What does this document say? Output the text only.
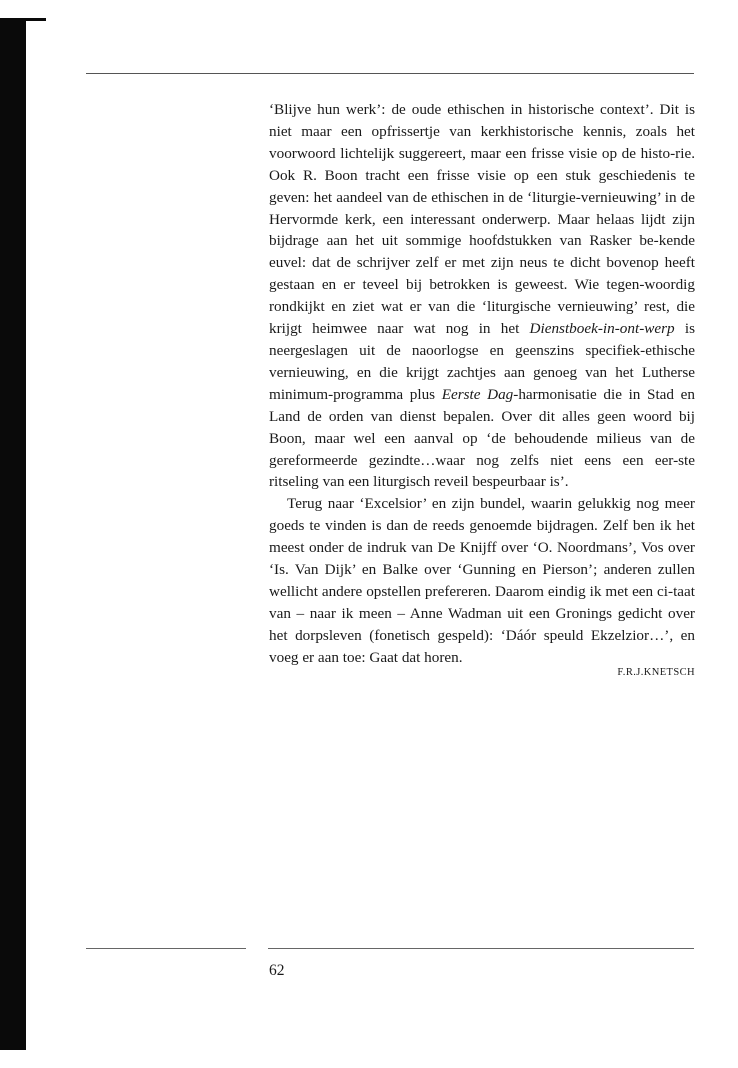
‘Blijve hun werk’: de oude ethischen in historische context’. Dit is niet maar een opfrissertje van kerkhistorische kennis, zoals het voorwoord lichtelijk suggereert, maar een frisse visie op de histo-rie. Ook R. Boon tracht een frisse visie op een stuk geschiedenis te geven: het aandeel van de ethischen in de ‘liturgie-vernieuwing’ in de Hervormde kerk, een interessant onderwerp. Maar helaas lijdt zijn bijdrage aan het uit sommige hoofdstukken van Rasker be-kende euvel: dat de schrijver zelf er met zijn neus te dicht bovenop heeft gestaan en er teveel bij betrokken is geweest. Wie tegen-woordig rondkijkt en ziet wat er van die ‘liturgische vernieuwing’ rest, die krijgt heimwee naar wat nog in het Dienstboek-in-ont-werp is neergeslagen uit de naoorlogse en geenszins specifiek-ethische vernieuwing, en die krijgt zachtjes aan genoeg van het Lutherse minimum-programma plus Eerste Dag-harmonisatie die in Stad en Land de orden van dienst bepalen. Over dit alles geen woord bij Boon, maar wel een aanval op ‘de behoudende milieus van de gereformeerde gezindte…waar nog zelfs niet eens een eer-ste ritseling van een liturgisch reveil bespeurbaar is’.

Terug naar ‘Excelsior’ en zijn bundel, waarin gelukkig nog meer goeds te vinden is dan de reeds genoemde bijdragen. Zelf ben ik het meest onder de indruk van De Knijff over ‘O. Noordmans’, Vos over ‘Is. Van Dijk’ en Balke over ‘Gunning en Pierson’; anderen zullen wellicht andere opstellen prefereren. Daarom eindig ik met een ci-taat van – naar ik meen – Anne Wadman uit een Gronings gedicht over het dorpsleven (fonetisch gespeld): ‘Dáór speuld Ekzelzior…’, en voeg er aan toe: Gaat dat horen.

F.R.J.KNETSCH
62
